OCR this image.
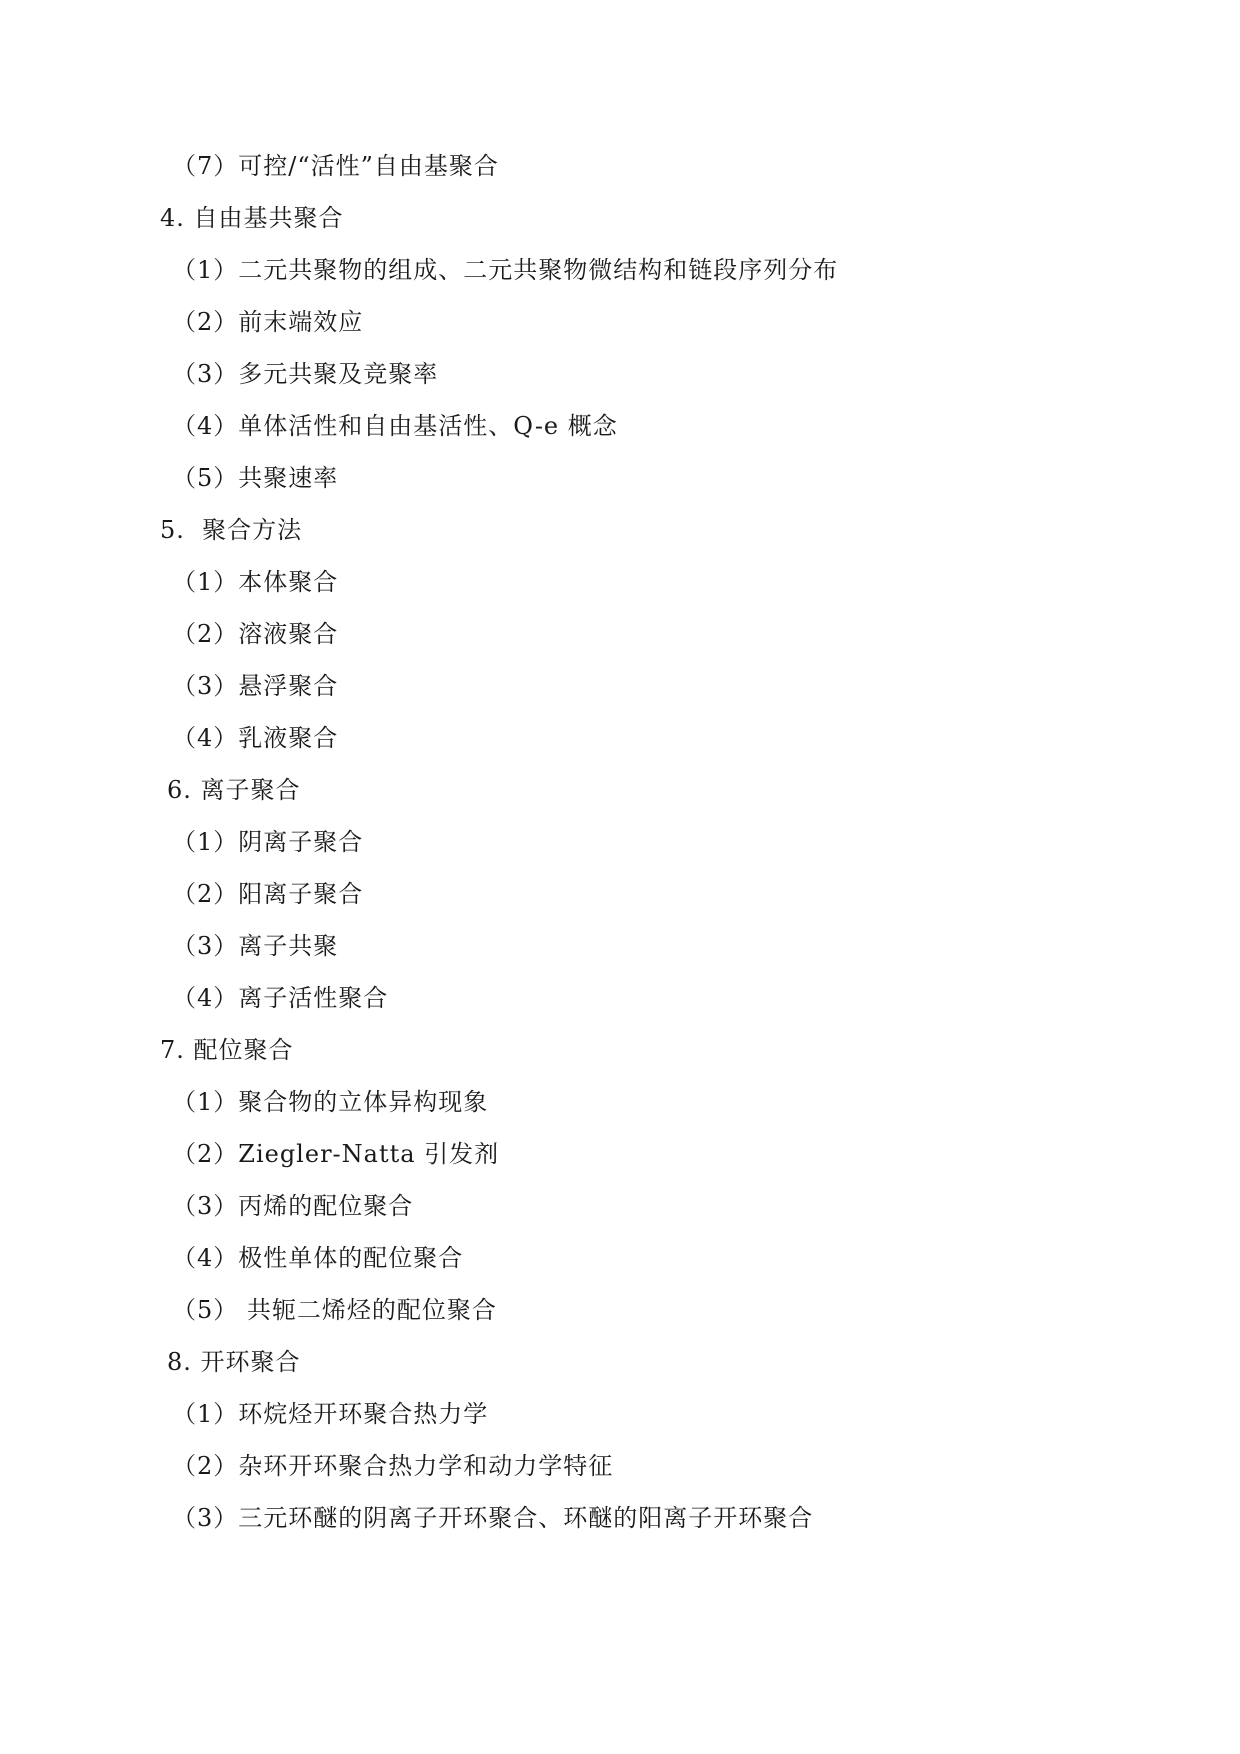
（7）可控/“活性”自由基聚合
4. 自由基共聚合
（1）二元共聚物的组成、二元共聚物微结构和链段序列分布
（2）前末端效应
（3）多元共聚及竞聚率
（4）单体活性和自由基活性、Q-e 概念
（5）共聚速率
5.  聚合方法
（1）本体聚合
（2）溶液聚合
（3）悬浮聚合
（4）乳液聚合
6. 离子聚合
（1）阴离子聚合
（2）阳离子聚合
（3）离子共聚
（4）离子活性聚合
7. 配位聚合
（1）聚合物的立体异构现象
（2）Ziegler-Natta 引发剂
（3）丙烯的配位聚合
（4）极性单体的配位聚合
（5） 共轭二烯烃的配位聚合
8. 开环聚合
（1）环烷烃开环聚合热力学
（2）杂环开环聚合热力学和动力学特征
（3）三元环醚的阴离子开环聚合、环醚的阳离子开环聚合
